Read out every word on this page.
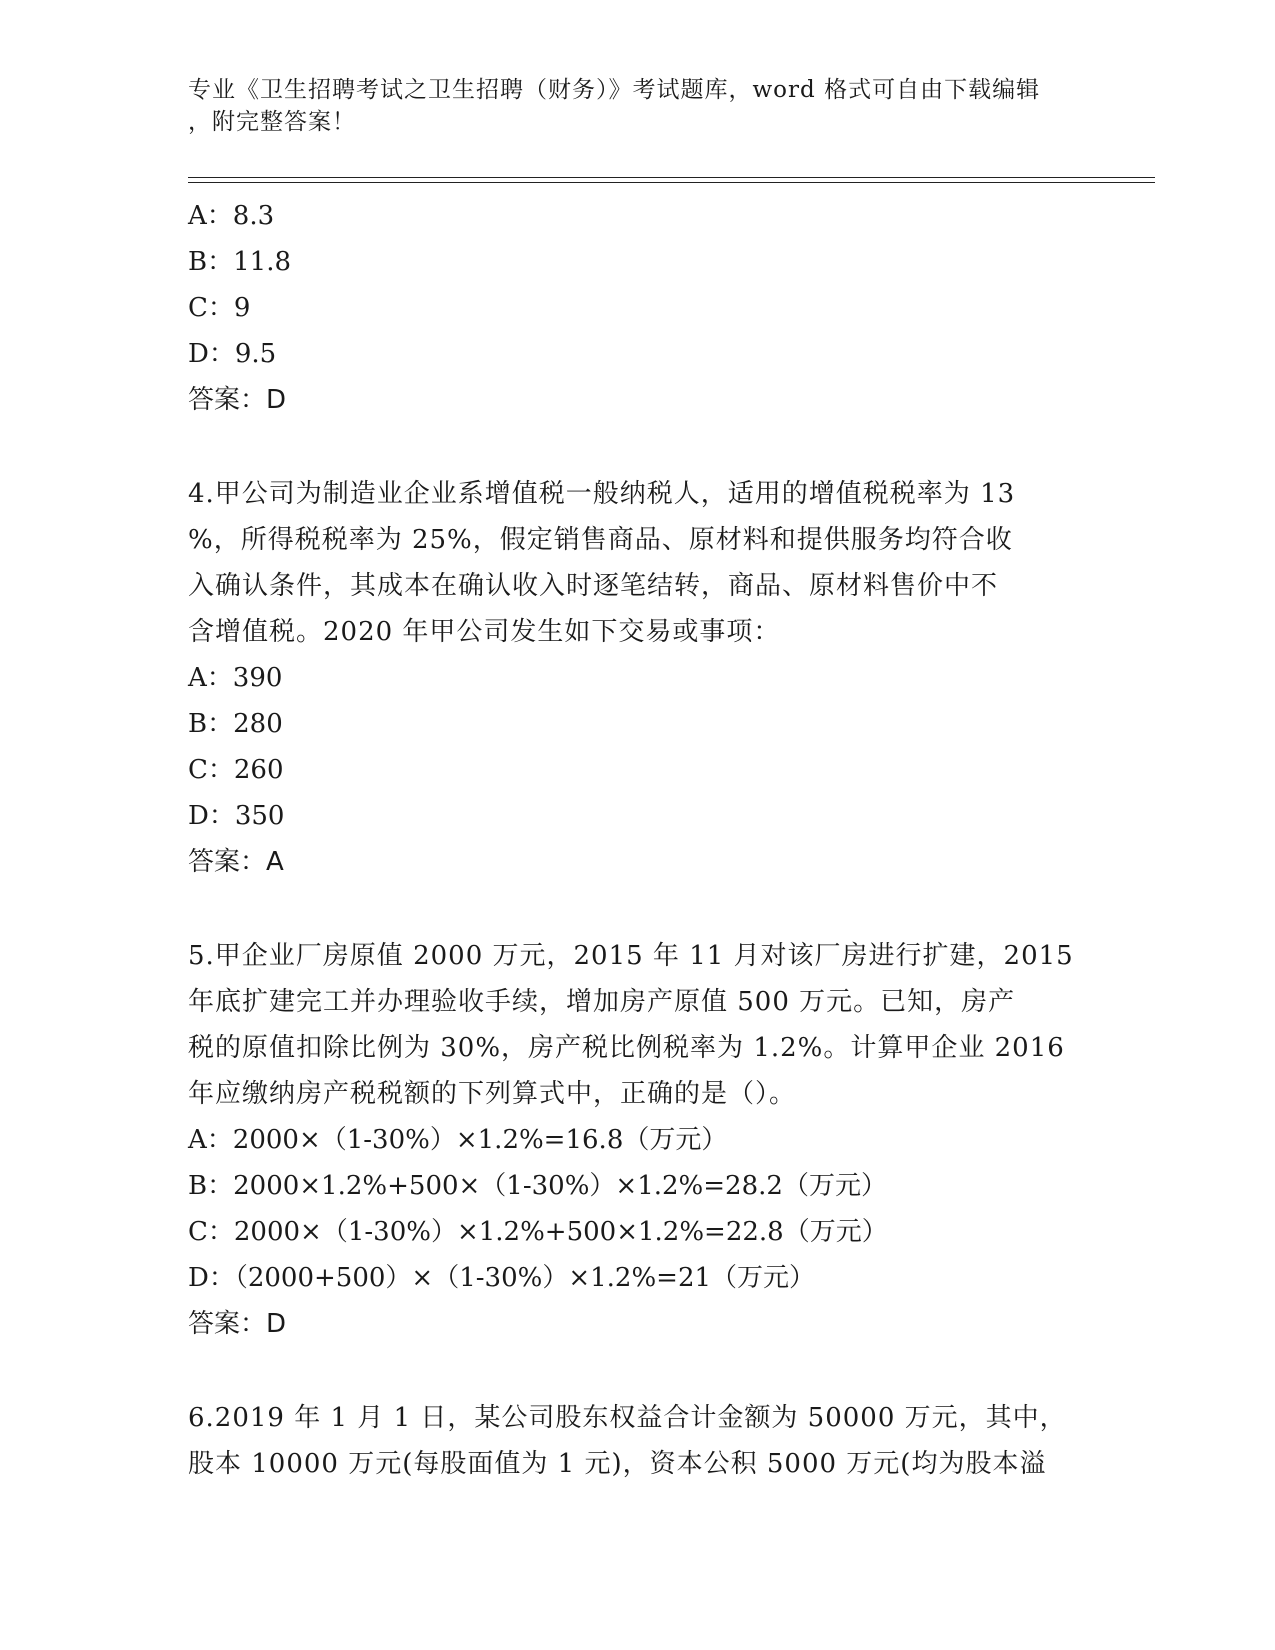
专业《卫生招聘考试之卫生招聘（财务）》考试题库，word 格式可自由下载编辑
，附完整答案！
A：8.3
B：11.8
C：9
D：9.5
答案：D
4.甲公司为制造业企业系增值税一般纳税人，适用的增值税税率为 13
%，所得税税率为 25%，假定销售商品、原材料和提供服务均符合收
入确认条件，其成本在确认收入时逐笔结转，商品、原材料售价中不
含增值税。2020 年甲公司发生如下交易或事项：
A：390
B：280
C：260
D：350
答案：A
5.甲企业厂房原值 2000 万元，2015 年 11 月对该厂房进行扩建，2015
年底扩建完工并办理验收手续，增加房产原值 500 万元。已知，房产
税的原值扣除比例为 30%，房产税比例税率为 1.2%。计算甲企业 2016
年应缴纳房产税税额的下列算式中，正确的是（）。
A：2000×（1-30%）×1.2%=16.8（万元）
B：2000×1.2%+500×（1-30%）×1.2%=28.2（万元）
C：2000×（1-30%）×1.2%+500×1.2%=22.8（万元）
D：（2000+500）×（1-30%）×1.2%=21（万元）
答案：D
6.2019 年 1 月 1 日，某公司股东权益合计金额为 50000 万元，其中，
股本 10000 万元(每股面值为 1 元)，资本公积 5000 万元(均为股本溢
